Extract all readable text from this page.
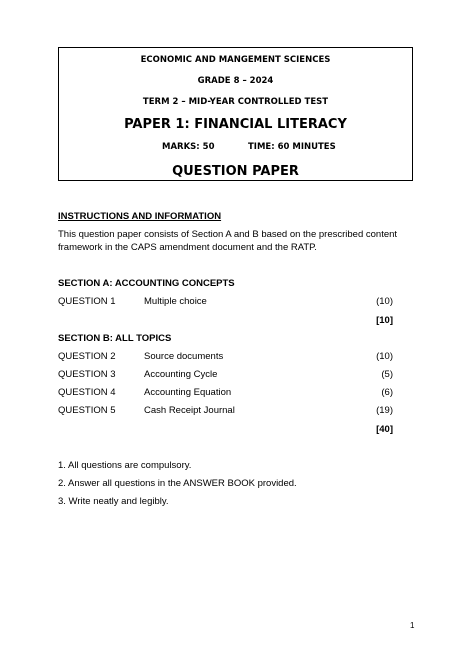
ECONOMIC AND MANGEMENT SCIENCES
GRADE 8 – 2024
TERM 2 – MID-YEAR CONTROLLED TEST
PAPER 1: FINANCIAL LITERACY
MARKS: 50	TIME: 60 MINUTES
QUESTION PAPER
INSTRUCTIONS AND INFORMATION
This question paper consists of Section A and B based on the prescribed content
framework in the CAPS amendment document and the RATP.
SECTION A: ACCOUNTING CONCEPTS
QUESTION 1	Multiple choice	(10)
[10]
SECTION B: ALL TOPICS
QUESTION 2	Source documents	(10)
QUESTION 3	Accounting Cycle	(5)
QUESTION 4	Accounting Equation	(6)
QUESTION 5	Cash Receipt Journal	(19)
[40]
1. All questions are compulsory.
2. Answer all questions in the ANSWER BOOK provided.
3. Write neatly and legibly.
1
